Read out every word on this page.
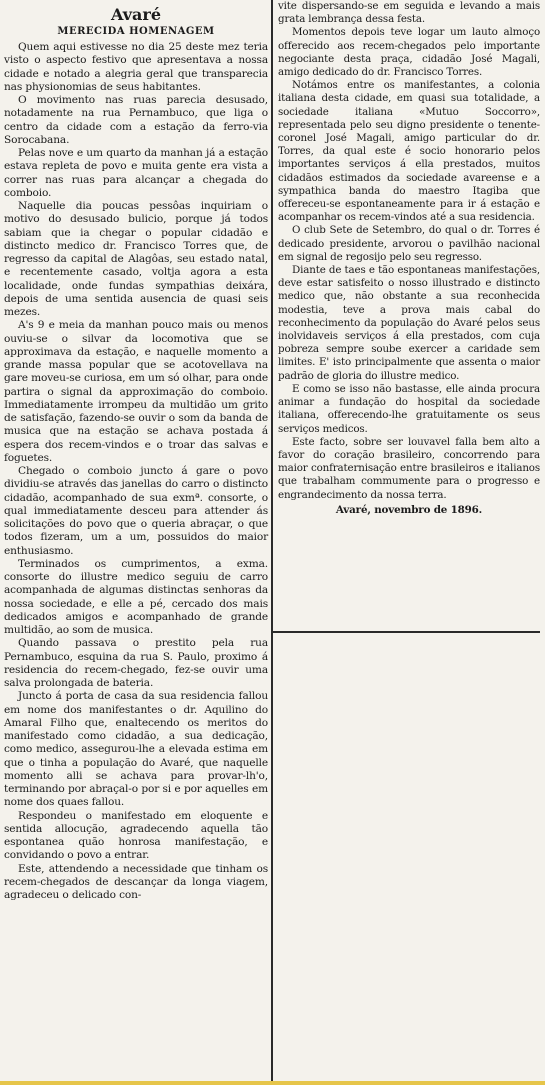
Avaré
MERECIDA HOMENAGEM

Quem aqui estivesse no dia 25 deste mez teria visto o aspecto festivo que apresentava a nossa cidade e notado a alegria geral que transparecia nas physionomias de seus habitantes.

O movimento nas ruas parecia desusado, notadamente na rua Pernambuco, que liga o centro da cidade com a estação da ferro-via Sorocabana.

Pelas nove e um quarto da manhan já a estação estava repleta de povo e muita gente era vista a correr nas ruas para alcançar a chegada do comboio.

Naquelle dia poucas pessôas inquiriam o motivo do desusado bulicio, porque já todos sabiam que ia chegar o popular cidadão e distincto medico dr. Francisco Torres que, de regresso da capital de Alagôas, seu estado natal, e recentemente casado, voltja agora a esta localidade, onde fundas sympathias deixára, depois de uma sentida ausencia de quasi seis mezes.

A's 9 e meia da manhan pouco mais ou menos ouviu-se o silvar da locomotiva que se approximava da estação, e naquelle momento a grande massa popular que se acotovellava na gare moveu-se curiosa, em um só olhar, para onde partira o signal da approximação do comboio. Immediatamente irrompeu da multidão um grito de satisfação, fazendo-se ouvir o som da banda de musica que na estação se achava postada á espera dos recem-vindos e o troar das salvas e foguetes.

Chegado o comboio juncto á gare o povo dividiu-se através das janellas do carro o distincto cidadão, acompanhado de sua exmª. consorte, o qual immediatamente desceu para attender ás solicitações do povo que o queria abraçar, o que todos fizeram, um a um, possuidos do maior enthusiasmo.

Terminados os cumprimentos, a exma. consorte do illustre medico seguiu de carro acompanhada de algumas distinctas senhoras da nossa sociedade, e elle a pé, cercado dos mais dedicados amigos e acompanhado de grande multidão, ao som de musica.

Quando passava o prestito pela rua Pernambuco, esquina da rua S. Paulo, proximo á residencia do recem-chegado, fez-se ouvir uma salva prolongada de bateria.

Juncto á porta de casa da sua residencia fallou em nome dos manifestantes o dr. Aquilino do Amaral Filho que, enaltecendo os meritos do manifestado como cidadão, a sua dedicação, como medico, assegurou-lhe a elevada estima em que o tinha a população do Avaré, que naquelle momento alli se achava para provar-lh'o, terminando por abraçal-o por si e por aquelles em nome dos quaes fallou.

Respondeu o manifestado em eloquente e sentida allocução, agradecendo aquella tão espontanea quão honrosa manifestação, e convidando o povo a entrar.

Este, attendendo a necessidade que tinham os recem-chegados de descançar da longa viagem, agradeceu o delicado con-

vite dispersando-se em seguida e levando a mais grata lembrança dessa festa.

Momentos depois teve logar um lauto almoço offerecido aos recem-chegados pelo importante negociante desta praça, cidadão José Magali, amigo dedicado do dr. Francisco Torres.

Notámos entre os manifestantes, a colonia italiana desta cidade, em quasi sua totalidade, a sociedade italiana «Mutuo Soccorro», representada pelo seu digno presidente o tenente-coronel José Magali, amigo particular do dr. Torres, da qual este é socio honorario pelos importantes serviços á ella prestados, muitos cidadãos estimados da sociedade avareense e a sympathica banda do maestro Itagiba que offereceu-se espontaneamente para ir á estação e acompanhar os recem-vindos até a sua residencia.

O club Sete de Setembro, do qual o dr. Torres é dedicado presidente, arvorou o pavilhão nacional em signal de regosijo pelo seu regresso.

Diante de taes e tão espontaneas manifestações, deve estar satisfeito o nosso illustrado e distincto medico que, não obstante a sua reconhecida modestia, teve a prova mais cabal do reconhecimento da população do Avaré pelos seus inolvidaveis serviços á ella prestados, com cuja pobreza sempre soube exercer a caridade sem limites. E' isto principalmente que assenta o maior padrão de gloria do illustre medico.

E como se isso não bastasse, elle ainda procura animar a fundação do hospital da sociedade italiana, offerecendo-lhe gratuitamente os seus serviços medicos.

Este facto, sobre ser louvavel falla bem alto a favor do coração brasileiro, concorrendo para maior confraternisação entre brasileiros e italianos que trabalham commumente para o progresso e engrandecimento da nossa terra.

Avaré, novembro de 1896.
